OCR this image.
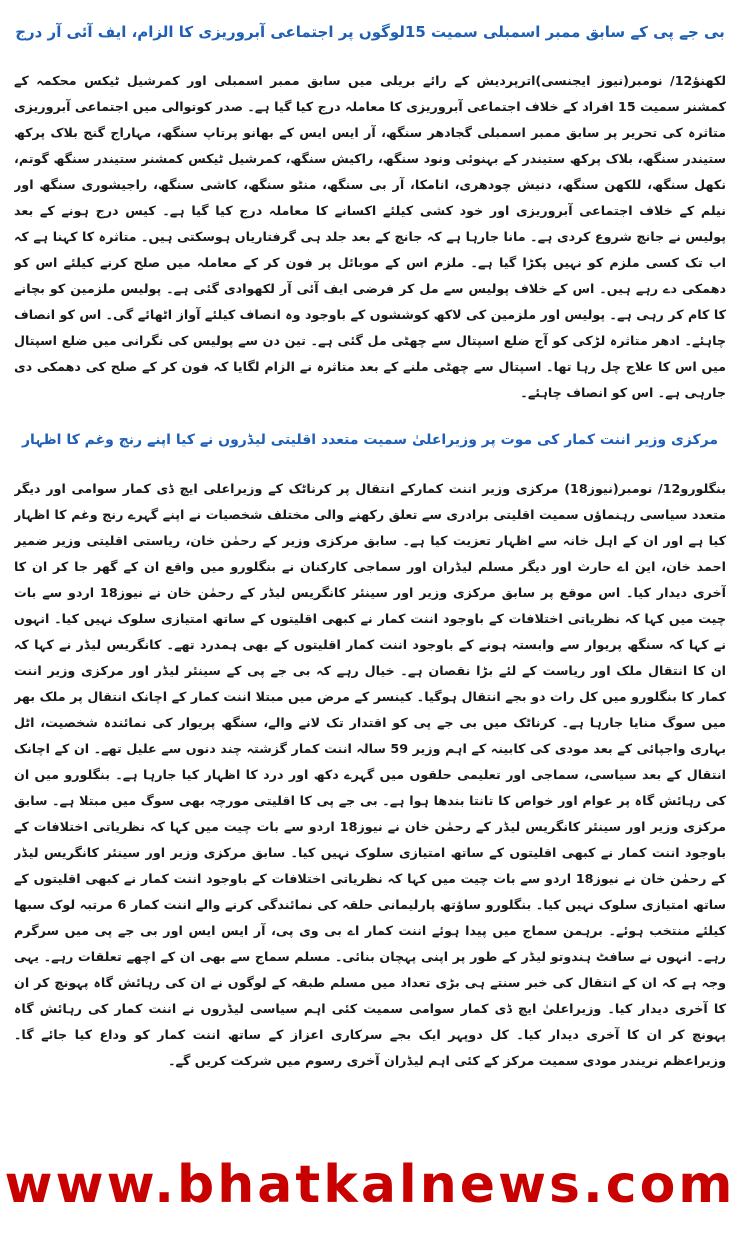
بی جے پی کے سابق ممبر اسمبلی سمیت 15لوگوں پر اجتماعی آبروریزی کا الزام، ایف آئی آر درج

لکھنؤ12/ نومبر(نیوز ایجنسی)اترپردیش کے رائے بریلی میں سابق ممبر اسمبلی اور کمرشیل ٹیکس محکمہ کے کمشنر سمیت 15 افراد کے خلاف اجتماعی آبروریزی کا معاملہ درج کیا گیا ہے۔ صدر کوتوالی میں اجتماعی آبروریزی متاثرہ کی تحریر پر سابق ممبر اسمبلی گجادھر سنگھ، آر ایس ایس کے بھانو پرتاپ سنگھ، مہاراج گنج بلاک پرکھ ستیندر سنگھ، بلاک پرکھ ستیندر کے بہنوئی ونود سنگھ، راکیش سنگھ، کمرشیل ٹیکس کمشنر ستیندر سنگھ گوتم، نکھل سنگھ، للکھن سنگھ، دنیش چودھری، انامکا، آر بی سنگھ، منٹو سنگھ، کاشی سنگھ، راجیشوری سنگھ اور نیلم کے خلاف اجتماعی آبروریزی اور خود کشی کیلئے اکسانے کا معاملہ درج کیا گیا ہے۔ کیس درج ہونے کے بعد پولیس نے جانچ شروع کردی ہے۔ مانا جارہا ہے کہ جانچ کے بعد جلد ہی گرفتاریاں ہوسکتی ہیں۔ متاثرہ کا کہنا ہے کہ اب تک کسی ملزم کو نہیں پکڑا گیا ہے۔ ملزم اس کے موبائل پر فون کر کے معاملہ میں صلح کرنے کیلئے اس کو دھمکی دے رہے ہیں۔ اس کے خلاف پولیس سے مل کر فرضی ایف آئی آر لکھوادی گئی ہے۔ پولیس ملزمین کو بچانے کا کام کر رہی ہے۔ پولیس اور ملزمین کی لاکھ کوششوں کے باوجود وہ انصاف کیلئے آواز اٹھائے گی۔ اس کو انصاف چاہئے۔ ادھر متاثرہ لڑکی کو آج ضلع اسپتال سے چھٹی مل گئی ہے۔ تین دن سے پولیس کی نگرانی میں ضلع اسپتال میں اس کا علاج چل رہا تھا۔ اسپتال سے چھٹی ملنے کے بعد متاثرہ نے الزام لگایا کہ فون کر کے صلح کی دھمکی دی جارہی ہے۔ اس کو انصاف چاہئے۔

مرکزی وزیر اننت کمار کی موت پر وزیراعلیٰ سمیت متعدد اقلیتی لیڈروں نے کیا اپنے رنج وغم کا اظہار

بنگلورو12/ نومبر(نیوز18) مرکزی وزیر اننت کمارکے انتقال پر کرناٹک کے وزیراعلی ایچ ڈی کمار سوامی اور دیگر متعدد سیاسی رہنماؤں سمیت اقلیتی برادری سے تعلق رکھنے والی مختلف شخصیات نے اپنے گہرے رنج وغم کا اظہار کیا ہے اور ان کے اہل خانہ سے اظہار تعزیت کیا ہے۔ سابق مرکزی وزیر کے رحمٰن خان، ریاستی اقلیتی وزیر ضمیر احمد خان، این اے حارث اور دیگر مسلم لیڈران اور سماجی کارکنان نے بنگلورو میں واقع ان کے گھر جا کر ان کا آخری دیدار کیا۔ اس موقع پر سابق مرکزی وزیر اور سینئر کانگریس لیڈر کے رحمٰن خان نے نیوز18 اردو سے بات چیت میں کہا کہ نظریاتی اختلافات کے باوجود اننت کمار نے کبھی اقلیتوں کے ساتھ امتیازی سلوک نہیں کیا۔ انہوں نے کہا کہ سنگھ پریوار سے وابستہ ہونے کے باوجود اننت کمار اقلیتوں کے بھی ہمدرد تھے۔ کانگریس لیڈر نے کہا کہ ان کا انتقال ملک اور ریاست کے لئے بڑا نقصان ہے۔ خیال رہے کہ بی جے پی کے سینئر لیڈر اور مرکزی وزیر اننت کمار کا بنگلورو میں کل رات دو بجے انتقال ہوگیا۔ کینسر کے مرض میں مبتلا اننت کمار کے اچانک انتقال پر ملک بھر میں سوگ منایا جارہا ہے۔ کرناٹک میں بی جے پی کو اقتدار تک لانے والے، سنگھ پریوار کی نمائندہ شخصیت، اٹل بہاری واجپائی کے بعد مودی کی کابینہ کے اہم وزیر 59 سالہ اننت کمار گزشتہ چند دنوں سے علیل تھے۔ ان کے اچانک انتقال کے بعد سیاسی، سماجی اور تعلیمی حلقوں میں گہرے دکھ اور درد کا اظہار کیا جارہا ہے۔ بنگلورو میں ان کی رہائش گاہ پر عوام اور خواص کا تانتا بندھا ہوا ہے۔ بی جے پی کا اقلیتی مورچہ بھی سوگ میں مبتلا ہے۔ سابق مرکزی وزیر اور سینئر کانگریس لیڈر کے رحمٰن خان نے نیوز18 اردو سے بات چیت میں کہا کہ نظریاتی اختلافات کے باوجود اننت کمار نے کبھی اقلیتوں کے ساتھ امتیازی سلوک نہیں کیا۔ سابق مرکزی وزیر اور سینئر کانگریس لیڈر کے رحمٰن خان نے نیوز18 اردو سے بات چیت میں کہا کہ نظریاتی اختلافات کے باوجود اننت کمار نے کبھی اقلیتوں کے ساتھ امتیازی سلوک نہیں کیا۔ بنگلورو ساؤتھ پارلیمانی حلقہ کی نمائندگی کرنے والے اننت کمار 6 مرتبہ لوک سبھا کیلئے منتخب ہوئے۔ برہمن سماج میں پیدا ہوئے اننت کمار اے بی وی پی، آر ایس ایس اور بی جے پی میں سرگرم رہے۔ انہوں نے سافٹ ہندوتو لیڈر کے طور پر اپنی پہچان بنائی۔ مسلم سماج سے بھی ان کے اچھے تعلقات رہے۔ یہی وجہ ہے کہ ان کے انتقال کی خبر سنتے ہی بڑی تعداد میں مسلم طبقہ کے لوگوں نے ان کی رہائش گاہ پہونچ کر ان کا آخری دیدار کیا۔ وزیراعلیٰ ایچ ڈی کمار سوامی سمیت کئی اہم سیاسی لیڈروں نے اننت کمار کی رہائش گاہ پہونچ کر ان کا آخری دیدار کیا۔ کل دوپہر ایک بجے سرکاری اعزاز کے ساتھ اننت کمار کو وداع کیا جائے گا۔ وزیراعظم نریندر مودی سمیت مرکز کے کئی اہم لیڈران آخری رسوم میں شرکت کریں گے۔

www.bhatkalnews.com
